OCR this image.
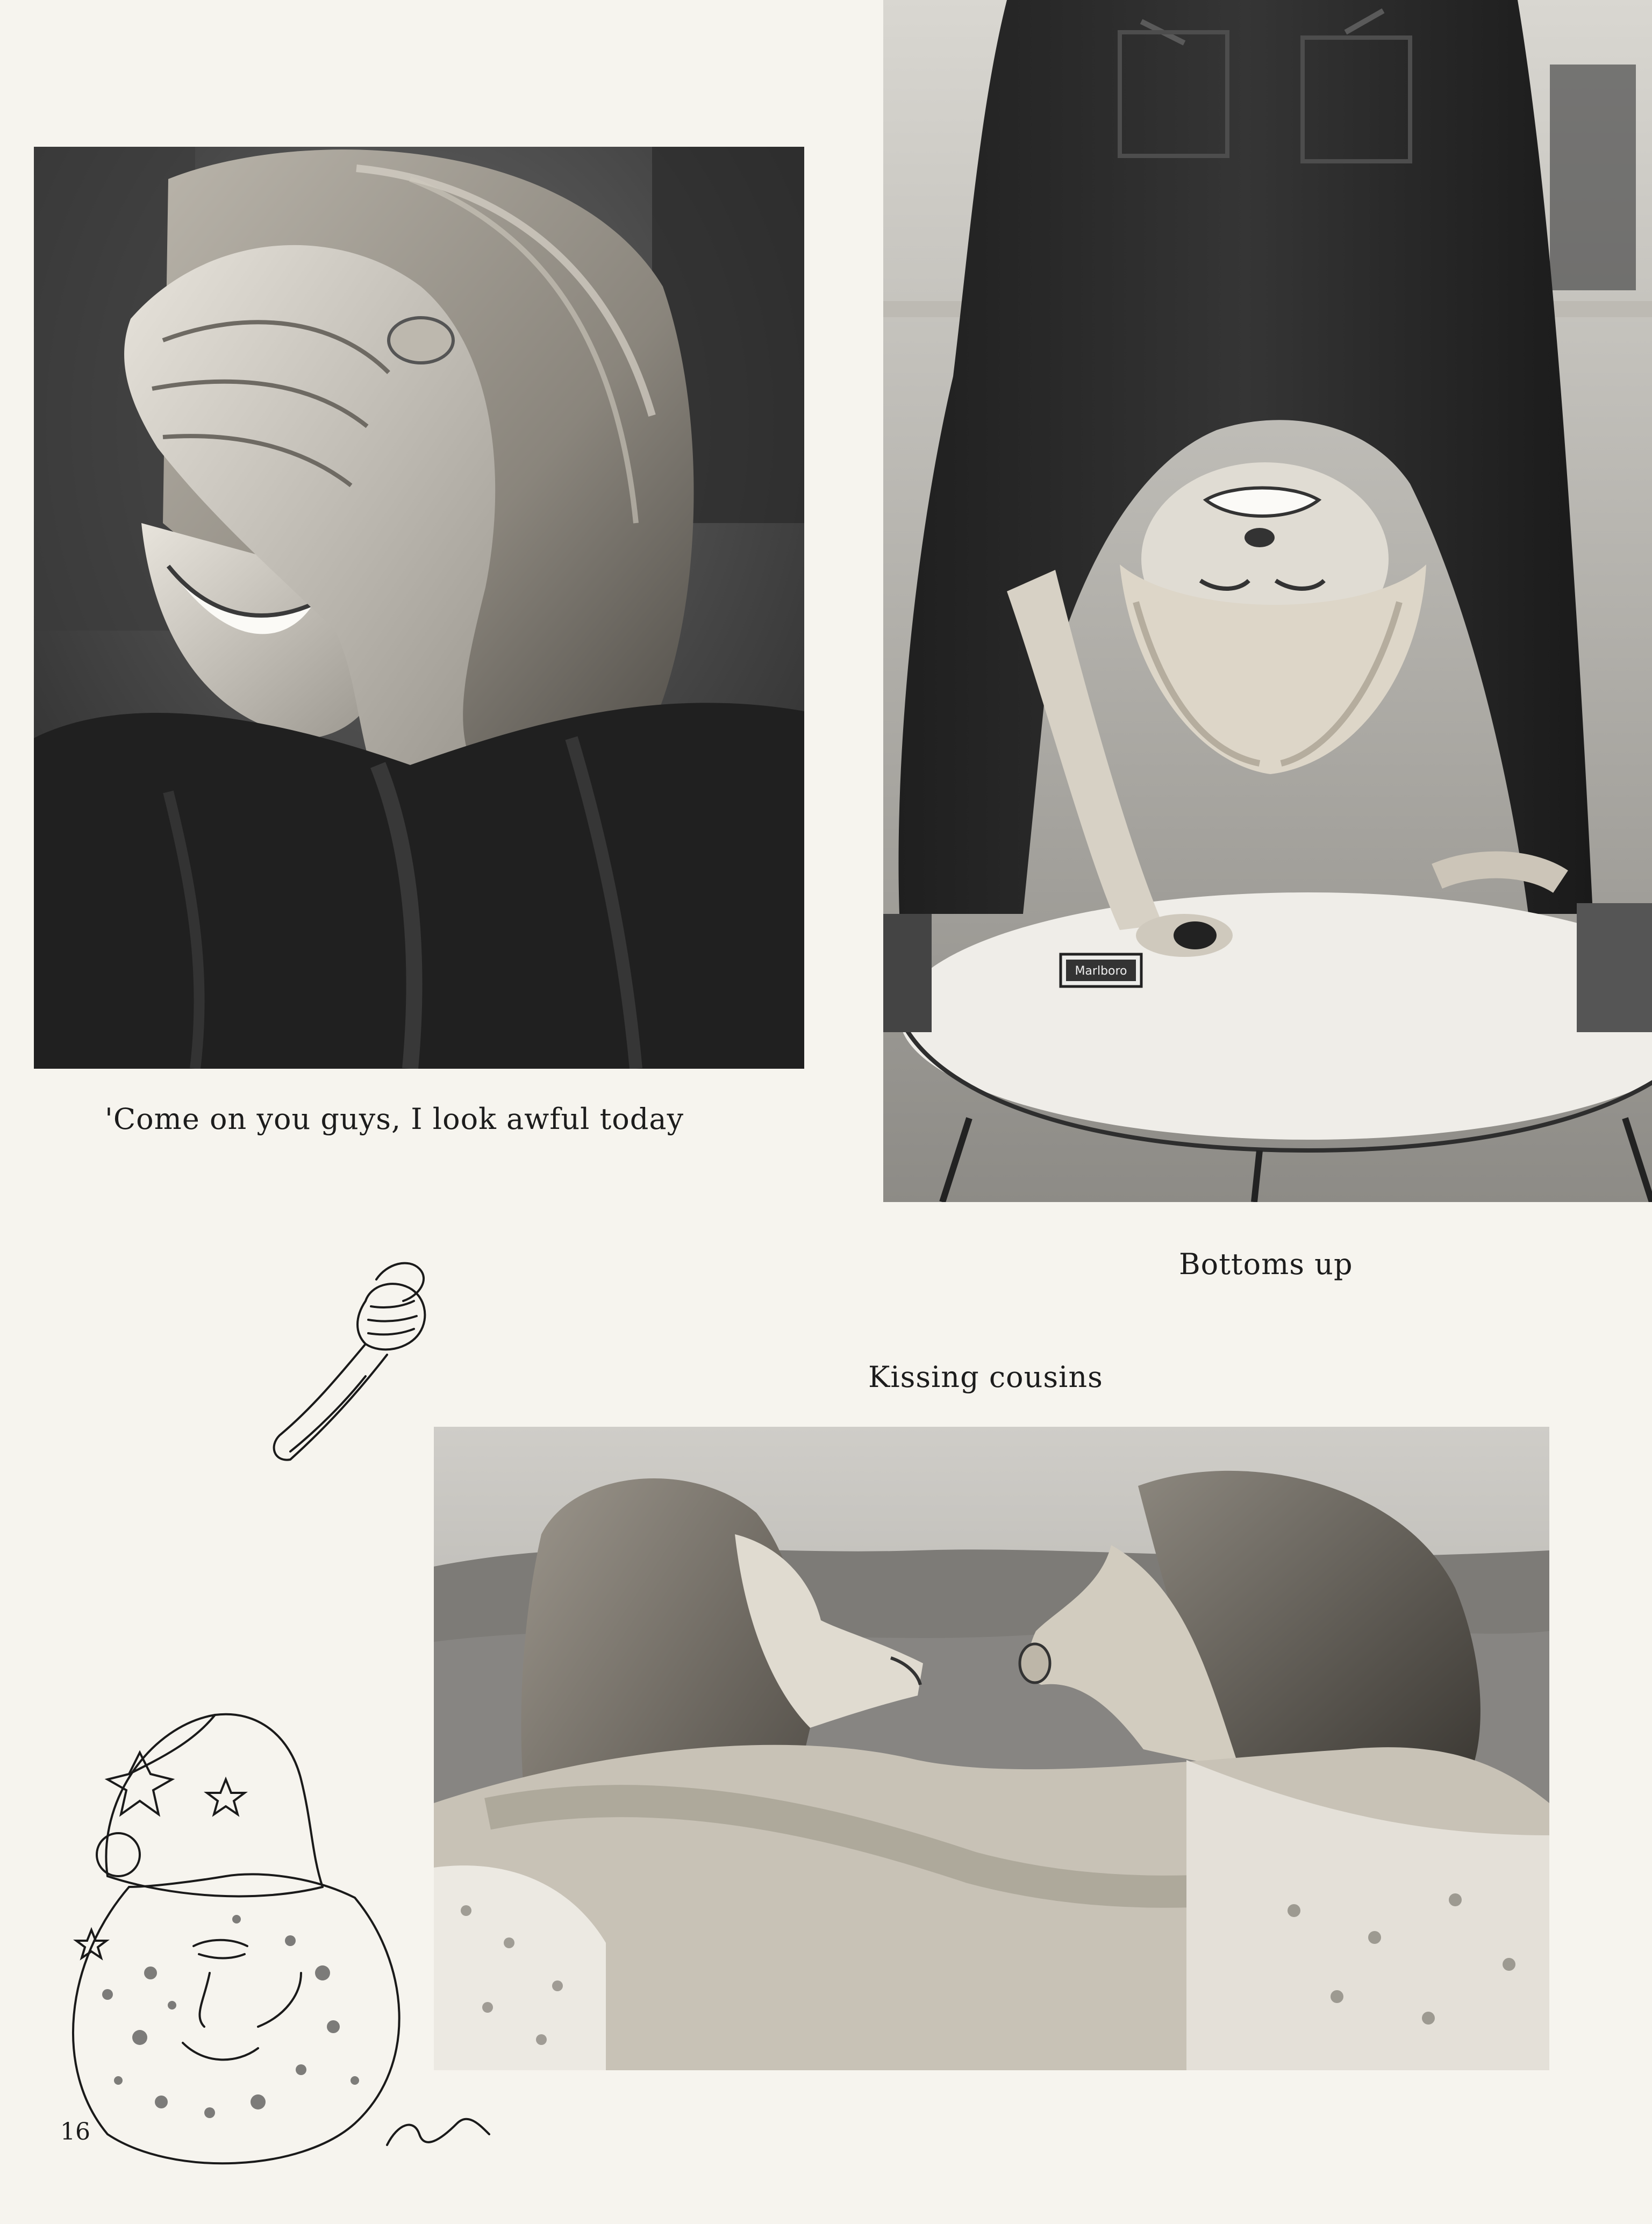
'Come on you guys, I look awful today
Marlboro
Bottoms up
Kissing cousins
16
